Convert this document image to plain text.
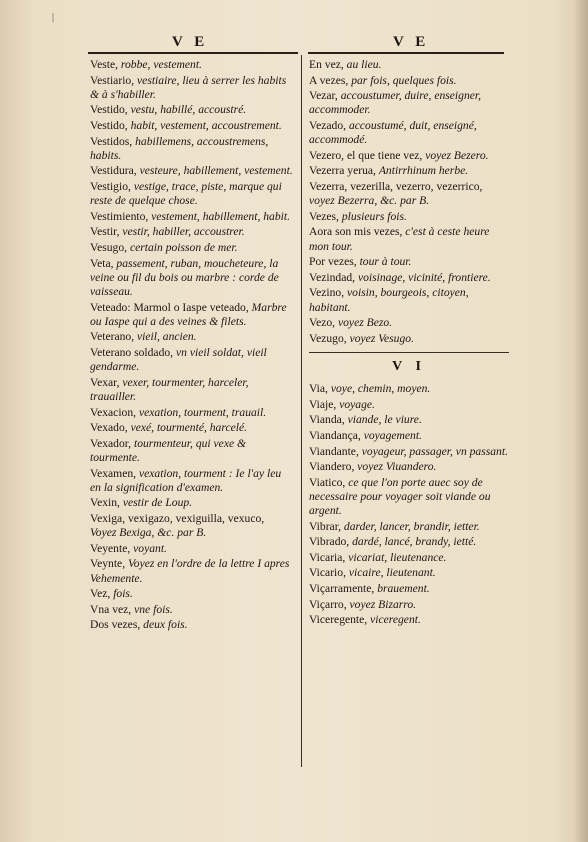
|
V E	V E
Veste, robbe, vestement.
Vestiario, vestiaire, lieu à serrer les habits & à s'habiller.
Vestido, vestu, habillé, accoustré.
Vestido, habit, vestement, accoustrement.
Vestidos, habillemens, accoustremens, habits.
Vestidura, vesteure, habillement, vestement.
Vestigio, vestige, trace, piste, marque qui reste de quelque chose.
Vestimiento, vestement, habillement, habit.
Vestir, vestir, habiller, accoustrer.
Vesugo, certain poisson de mer.
Veta, passement, ruban, moucheteure, la veine ou fil du bois ou marbre : corde de vaisseau.
Veteado: Marmol o Iaspe veteado, Marbre ou Iaspe qui a des veines & filets.
Veterano, vieil, ancien.
Veterano soldado, vn vieil soldat, vieil gendarme.
Vexar, vexer, tourmenter, harceler, trauailler.
Vexacion, vexation, tourment, trauail.
Vexado, vexé, tourmenté, harcelé.
Vexador, tourmenteur, qui vexe & tourmente.
Vexamen, vexation, tourment : Ie l'ay leu en la signification d'examen.
Vexin, vestir de Loup.
Vexiga, vexigazo, vexiguilla, vexuco, Voyez Bexiga, &c. par B.
Veyente, voyant.
Veynte, Voyez en l'ordre de la lettre I apres Vehemente.
Vez, fois.
Vna vez, vne fois.
Dos vezes, deux fois.
En vez, au lieu.
A vezes, par fois, quelques fois.
Vezar, accoustumer, duire, enseigner, accommoder.
Vezado, accoustumé, duit, enseigné, accommodé.
Vezero, el que tiene vez, voyez Bezero.
Vezerra yerua, Antirrhinum herbe.
Vezerra, vezerilla, vezerro, vezerrico, voyez Bezerra, &c. par B.
Vezes, plusieurs fois.
Aora son mis vezes, c'est à ceste heure mon tour.
Por vezes, tour à tour.
Vezindad, voisinage, vicinité, frontiere.
Vezino, voisin, bourgeois, citoyen, habitant.
Vezo, voyez Bezo.
Vezugo, voyez Vesugo.
V I
Via, voye, chemin, moyen.
Viaje, voyage.
Vianda, viande, le viure.
Viandança, voyagement.
Viandante, voyageur, passager, vn passant.
Viandero, voyez Viuandero.
Viatico, ce que l'on porte auec soy de necessaire pour voyager soit viande ou argent.
Vibrar, darder, lancer, brandir, ietter.
Vibrado, dardé, lancé, brandy, ietté.
Vicaria, vicariat, lieutenance.
Vicario, vicaire, lieutenant.
Viçarramente, brauement.
Viçarro, voyez Bizarro.
Viceregente, viceregent.
